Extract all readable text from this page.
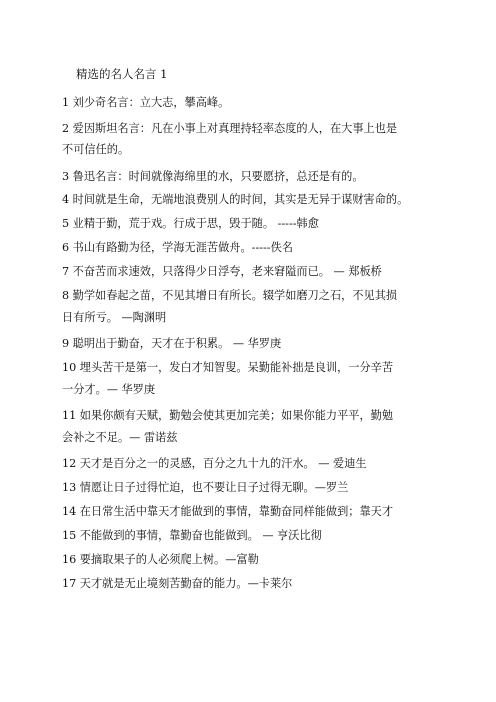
精选的名人名言 1
1 刘少奇名言：立大志，攀高峰。
2 爱因斯坦名言：凡在小事上对真理持轻率态度的人，在大事上也是
不可信任的。
3 鲁迅名言：时间就像海绵里的水，只要愿挤，总还是有的。
4 时间就是生命，无端地浪费别人的时间，其实是无异于谋财害命的。
5 业精于勤，荒于戏。行成于思，毁于随。 -----韩愈
6 书山有路勤为径，学海无涯苦做舟。-----佚名
7 不奋苦而求速效，只落得少日浮夸，老来窘隘而已。 — 郑板桥
8 勤学如春起之苗，不见其增日有所长。辍学如磨刀之石，不见其损
日有所亏。 —陶渊明
9 聪明出于勤奋，天才在于积累。 — 华罗庚
10 埋头苦干是第一，发白才知智叟。呆勤能补拙是良训，一分辛苦
一分才。— 华罗庚
11 如果你颇有天赋，勤勉会使其更加完美；如果你能力平平，勤勉
会补之不足。— 雷诺兹
12 天才是百分之一的灵感，百分之九十九的汗水。 — 爱迪生
13 情愿让日子过得忙迫，也不要让日子过得无聊。—罗兰
14 在日常生活中靠天才能做到的事情，靠勤奋同样能做到；靠天才
15 不能做到的事情，靠勤奋也能做到。 — 亨沃比彻
16 要摘取果子的人必须爬上树。—富勒
17 天才就是无止境刻苦勤奋的能力。—卡莱尔
